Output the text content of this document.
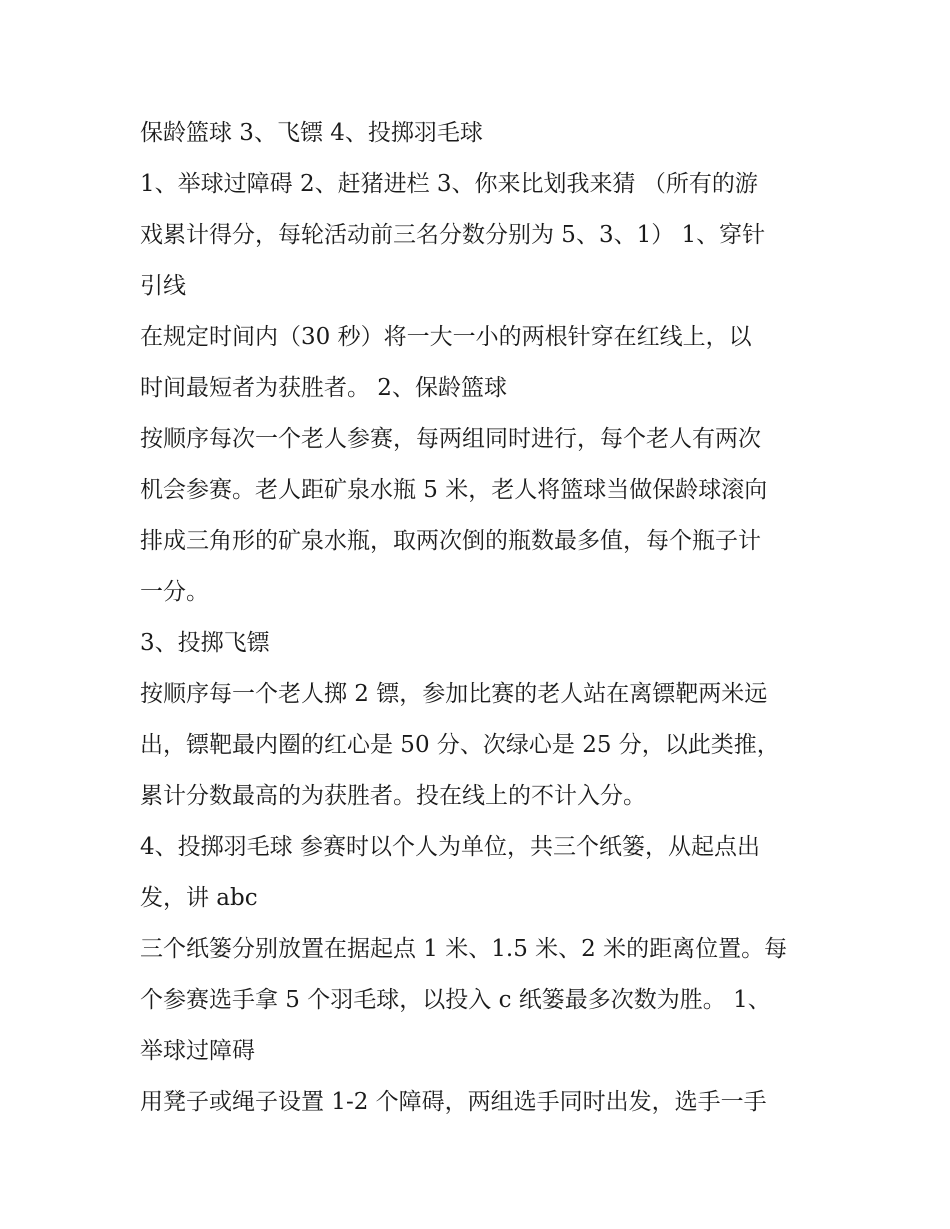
保龄篮球 3、飞镖 4、投掷羽毛球
1、举球过障碍 2、赶猪进栏 3、你来比划我来猜 （所有的游
戏累计得分，每轮活动前三名分数分别为 5、3、1） 1、穿针
引线
在规定时间内（30 秒）将一大一小的两根针穿在红线上，以
时间最短者为获胜者。 2、保龄篮球
按顺序每次一个老人参赛，每两组同时进行，每个老人有两次
机会参赛。老人距矿泉水瓶 5 米，老人将篮球当做保龄球滚向
排成三角形的矿泉水瓶，取两次倒的瓶数最多值，每个瓶子计
一分。
3、投掷飞镖
按顺序每一个老人掷 2 镖，参加比赛的老人站在离镖靶两米远
出，镖靶最内圈的红心是 50 分、次绿心是 25 分，以此类推，
累计分数最高的为获胜者。投在线上的不计入分。
4、投掷羽毛球 参赛时以个人为单位，共三个纸篓，从起点出
发，讲 abc
三个纸篓分别放置在据起点 1 米、1.5 米、2 米的距离位置。每
个参赛选手拿 5 个羽毛球，以投入 c 纸篓最多次数为胜。 1、
举球过障碍
用凳子或绳子设置 1-2 个障碍，两组选手同时出发，选手一手
